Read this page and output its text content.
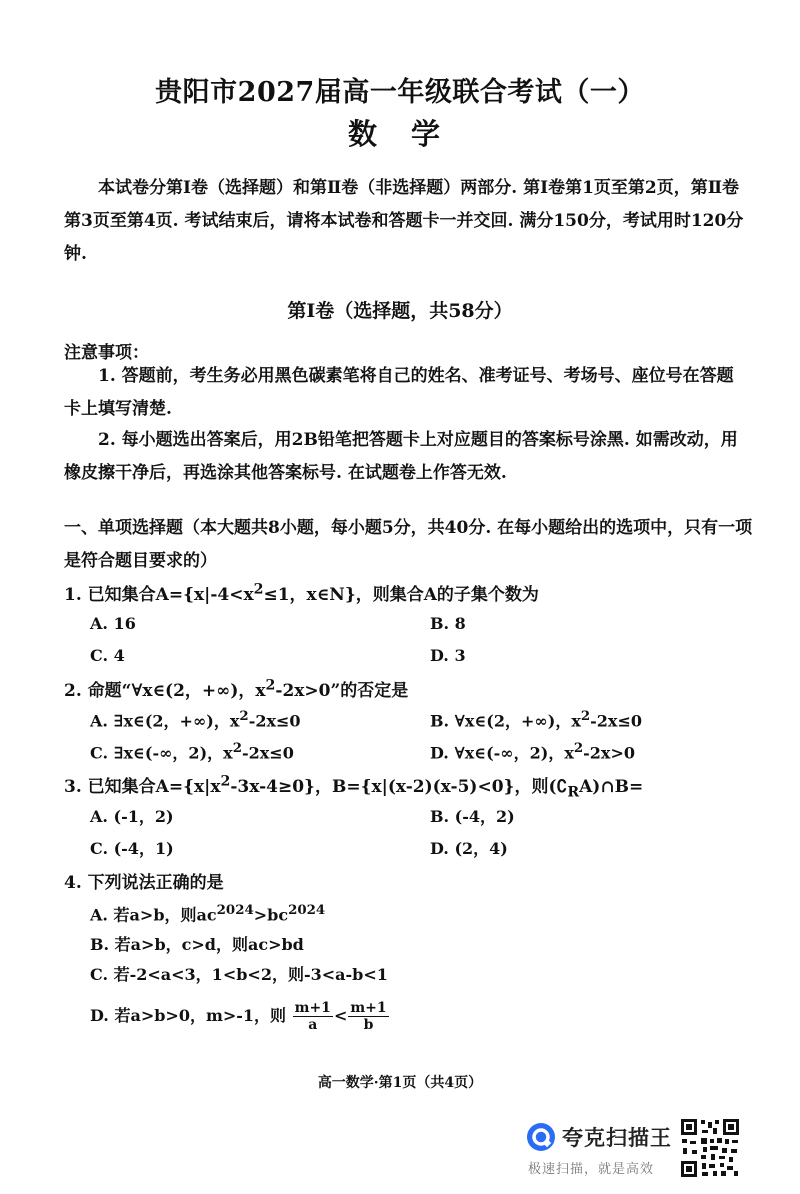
贵阳市2027届高一年级联合考试（一）
数 学
本试卷分第Ⅰ卷（选择题）和第Ⅱ卷（非选择题）两部分. 第Ⅰ卷第1页至第2页，第Ⅱ卷第3页至第4页. 考试结束后，请将本试卷和答题卡一并交回. 满分150分，考试用时120分钟.
第Ⅰ卷（选择题，共58分）
注意事项：
1. 答题前，考生务必用黑色碳素笔将自己的姓名、准考证号、考场号、座位号在答题卡上填写清楚.
2. 每小题选出答案后，用2B铅笔把答题卡上对应题目的答案标号涂黑. 如需改动，用橡皮擦干净后，再选涂其他答案标号. 在试题卷上作答无效.
一、单项选择题（本大题共8小题，每小题5分，共40分. 在每小题给出的选项中，只有一项是符合题目要求的）
1. 已知集合$A=\{x|-4<x^2\le 1$，x∈N}，则集合A的子集个数为
A. 16	B. 8
C. 4	D. 3
2. 命题“∀x∈(2，+∞)，$x^2-2x>0$”的否定是
A. ∃x∈(2，+∞)，$x^2-2x\le 0$	B. ∀x∈(2，+∞)，$x^2-2x\le 0$
C. ∃x∈(-∞，2)，$x^2-2x\le 0$	D. ∀x∈(-∞，2)，$x^2-2x>0$
3. 已知集合$A=\{x|x^2-3x-4\ge 0\}$，B={x|(x-2)(x-5)<0}，则$(∁_RA)\cap B=$
A. (-1，2)	B. (-4，2)
C. (-4，1)	D. (2，4)
4. 下列说法正确的是
A. 若a>b，则$ac^{2024}>bc^{2024}$
B. 若a>b，c>d，则ac>bd
C. 若-2<a<3，1<b<2，则-3<a-b<1
D. 若a>b>0，m>-1，则 $\frac{m+1}{a} < \frac{m+1}{b}$
高一数学·第1页（共4页）
夸克扫描王
极速扫描，就是高效
